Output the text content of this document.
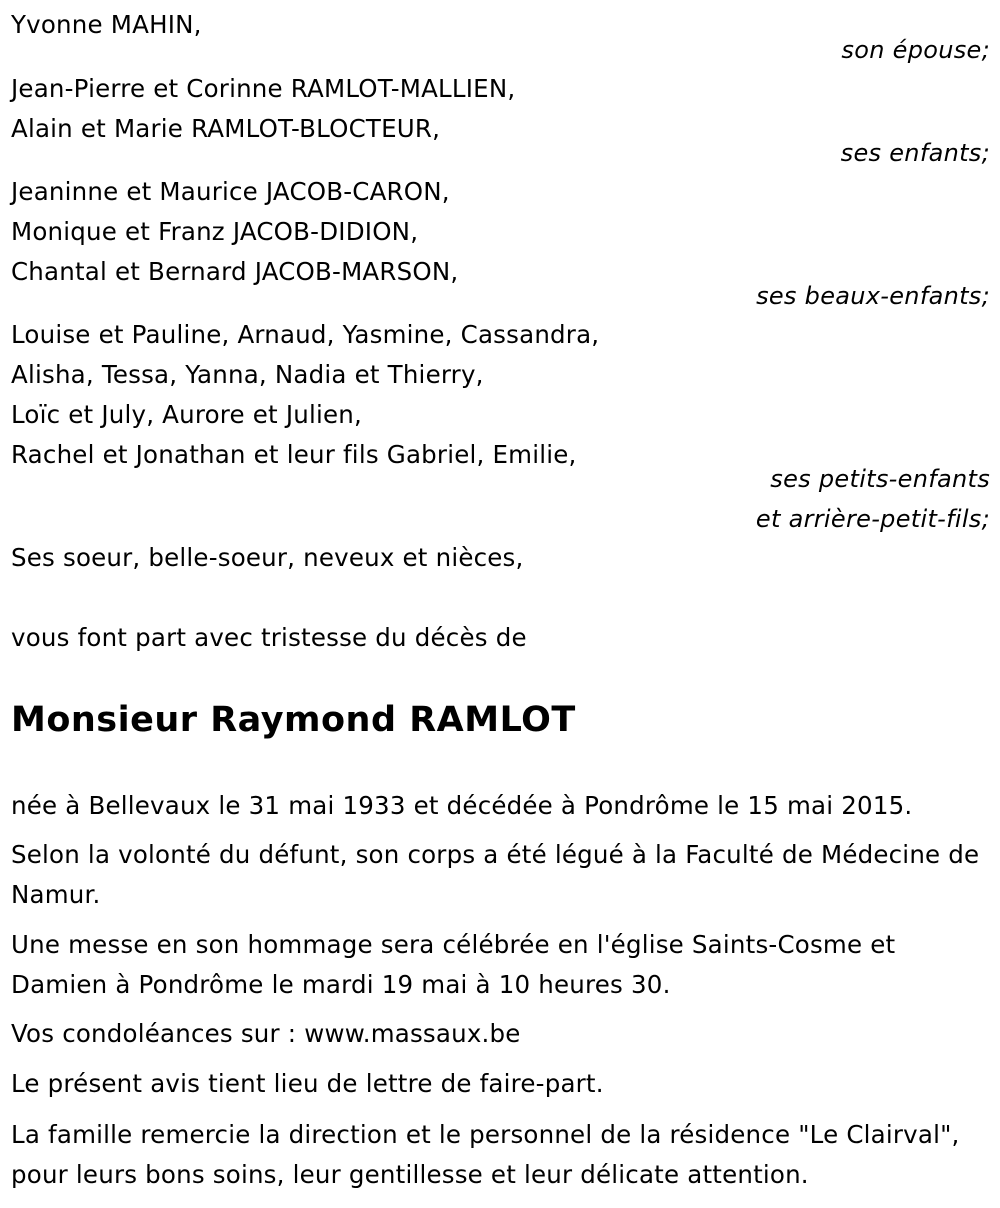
Yvonne MAHIN,
son épouse;
Jean-Pierre et Corinne RAMLOT-MALLIEN,
Alain et Marie RAMLOT-BLOCTEUR,
ses enfants;
Jeaninne et Maurice JACOB-CARON,
Monique et Franz JACOB-DIDION,
Chantal et Bernard JACOB-MARSON,
ses beaux-enfants;
Louise et Pauline, Arnaud, Yasmine, Cassandra,
Alisha, Tessa, Yanna, Nadia et Thierry,
Loïc et July, Aurore et Julien,
Rachel et Jonathan et leur fils Gabriel, Emilie,
ses petits-enfants
et arrière-petit-fils;
Ses soeur, belle-soeur, neveux et nièces,
vous font part avec tristesse du décès de
Monsieur Raymond RAMLOT
née à Bellevaux le 31 mai 1933 et décédée à Pondrôme le 15 mai 2015.
Selon la volonté du défunt, son corps a été légué à la Faculté de Médecine de Namur.
Une messe en son hommage sera célébrée en l'église Saints-Cosme et Damien à Pondrôme le mardi 19 mai à 10 heures 30.
Vos condoléances sur : www.massaux.be
Le présent avis tient lieu de lettre de faire-part.
La famille remercie la direction et le personnel de la résidence "Le Clairval", pour leurs bons soins, leur gentillesse et leur délicate attention.
